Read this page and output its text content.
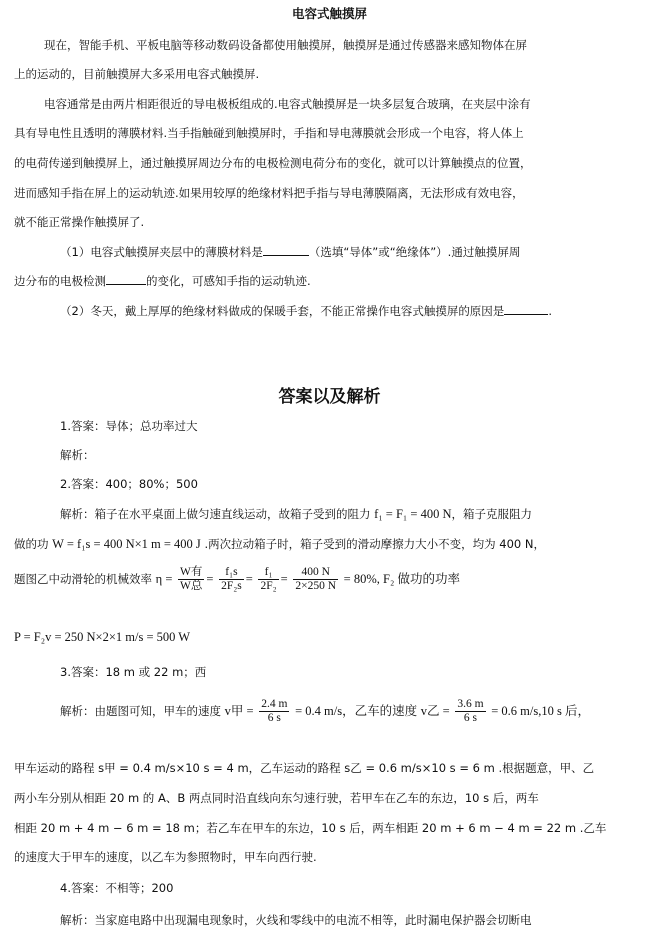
电容式触摸屏
现在，智能手机、平板电脑等移动数码设备都使用触摸屏，触摸屏是通过传感器来感知物体在屏
上的运动的，目前触摸屏大多采用电容式触摸屏.
电容通常是由两片相距很近的导电极板组成的.电容式触摸屏是一块多层复合玻璃，在夹层中涂有
具有导电性且透明的薄膜材料.当手指触碰到触摸屏时，手指和导电薄膜就会形成一个电容，将人体上
的电荷传递到触摸屏上，通过触摸屏周边分布的电极检测电荷分布的变化，就可以计算触摸点的位置，
进而感知手指在屏上的运动轨迹.如果用较厚的绝缘材料把手指与导电薄膜隔离，无法形成有效电容，
就不能正常操作触摸屏了.
（1）电容式触摸屏夹层中的薄膜材料是	（选填“导体”或“绝缘体”）.通过触摸屏周
边分布的电极检测	的变化，可感知手指的运动轨迹.
（2）冬天，戴上厚厚的绝缘材料做成的保暖手套，不能正常操作电容式触摸屏的原因是	.
答案以及解析
1.答案：导体；总功率过大
解析：
2.答案：400；80%；500
解析：箱子在水平桌面上做匀速直线运动，故箱子受到的阻力 f₁ = F₁ = 400 N，箱子克服阻力
做的功 W = f₁s = 400 N×1 m = 400 J .两次拉动箱子时，箱子受到的滑动摩擦力大小不变，均为 400 N，
题图乙中动滑轮的机械效率 $\eta = \frac{\text{W有}}{\text{W总}} = \frac{\text{f₁s}}{\text{2F₂s}} = \frac{\text{f₁}}{\text{2F₂}} = \frac{400 N}{2\times 250 N} = 80\%$, F₂ 做功的功率
P = F₂v = 250 N×2×1 m/s = 500 W
3.答案：18 m 或 22 m；西
解析：由题图可知，甲车的速度 v甲 = $\frac{2.4 m}{6 s} = 0.4$ m/s，乙车的速度 v乙 = $\frac{3.6 m}{6 s} = 0.6$ m/s,10 s 后，
甲车运动的路程 s甲 = 0.4 m/s×10 s = 4 m，乙车运动的路程 s乙 = 0.6 m/s×10 s = 6 m .根据题意，甲、乙
两小车分别从相距 20 m 的 A、B 两点同时沿直线向东匀速行驶，若甲车在乙车的东边，10 s 后，两车
相距 20 m + 4 m − 6 m = 18 m；若乙车在甲车的东边，10 s 后，两车相距 20 m + 6 m − 4 m = 22 m .乙车
的速度大于甲车的速度，以乙车为参照物时，甲车向西行驶.
4.答案：不相等；200
解析：当家庭电路中出现漏电现象时，火线和零线中的电流不相等，此时漏电保护器会切断电
